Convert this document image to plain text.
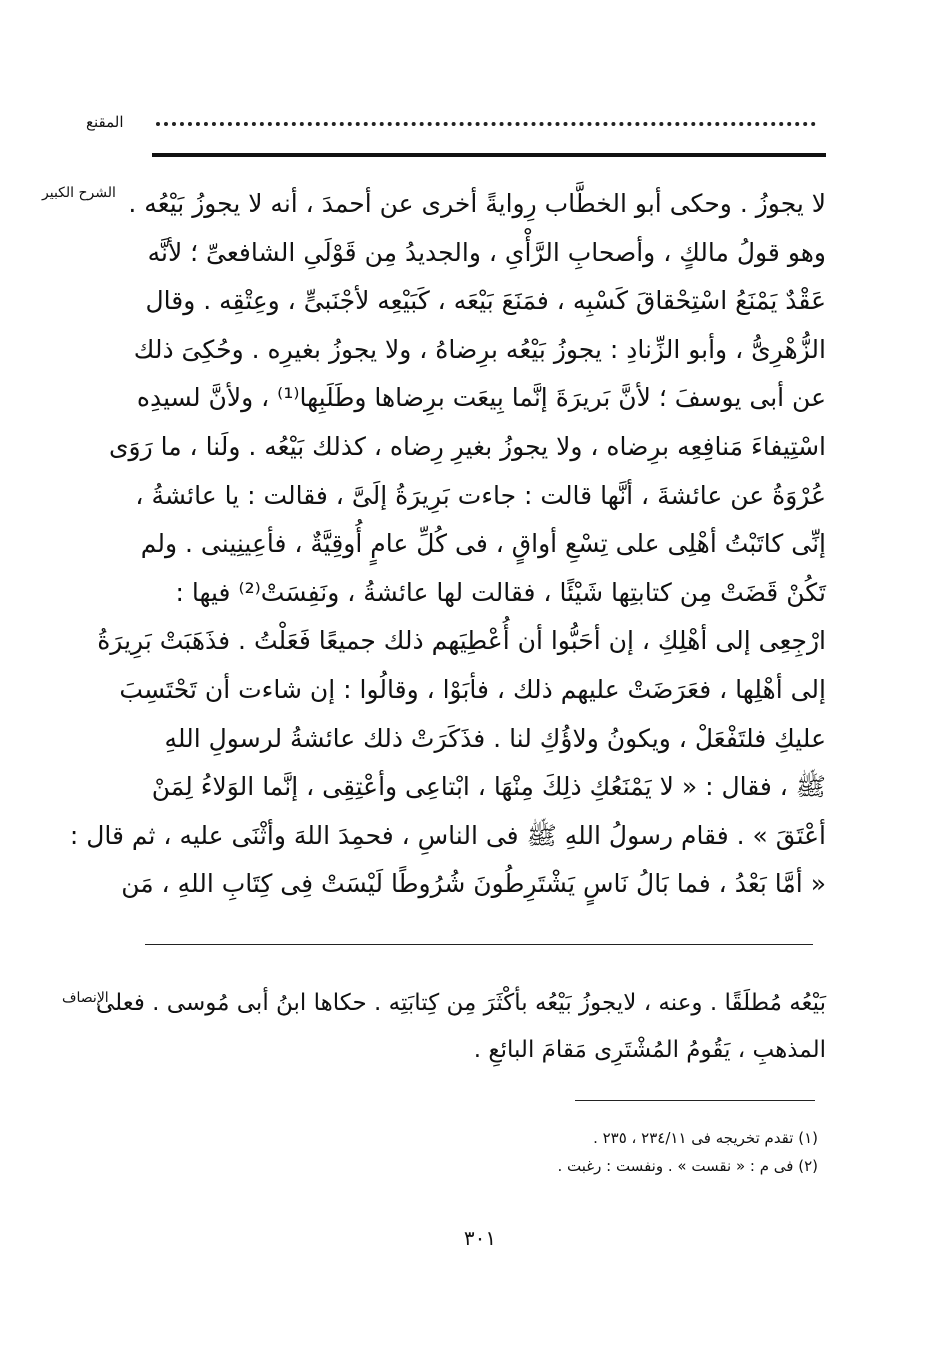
المقنع
الشرح الكبير لا يجوزُ . وحكى أبو الخطَّاب رِوايةً أخرى عن أحمدَ ، أنه لا يجوزُ بَيْعُه .
وهو قولُ مالكٍ ، وأصحابِ الرَّأْىِ ، والجديدُ مِن قَوْلَىِ الشافعىِّ ؛ لأنَّه
عَقْدٌ يَمْنَعُ اسْتِحْقاقَ كَسْبِه ، فمَنَعَ بَيْعَه ، كَبَيْعِه لأجْنَبىٍّ ، وعِتْقِه . وقال
الزُّهْرِىُّ ، وأبو الزِّنادِ : يجوزُ بَيْعُه برِضاهُ ، ولا يجوزُ بغيرِه . وحُكِىَ ذلك
عن أبى يوسفَ ؛ لأنَّ بَريرَةَ إنَّما بِيعَت برِضاها وطَلَبِها⁽¹⁾ ، ولأنَّ لسيدِه
اسْتِيفاءَ مَنافِعِه برِضاه ، ولا يجوزُ بغيرِ رِضاه ، كذلك بَيْعُه . ولَنا ، ما رَوَى
عُرْوَةُ عن عائشةَ ، أنَّها قالت : جاءت بَرِيرَةُ إلَىَّ ، فقالت : يا عائشةُ ،
إنِّى كاتَبْتُ أهْلِى على تِسْعِ أواقٍ ، فى كُلِّ عامٍ أُوقِيَّةٌ ، فأعِينِينى . ولم
تَكُنْ قَضَتْ مِن كتابتِها شَيْئًا ، فقالت لها عائشةُ ، ونَفِسَتْ⁽²⁾ فيها :
ارْجِعِى إلى أهْلِكِ ، إن أحَبُّوا أن أُعْطِيَهم ذلك جميعًا فَعَلْتُ . فذَهَبَتْ بَرِيرَةُ
إلى أهْلِها ، فعَرَضَتْ عليهم ذلك ، فأبَوْا ، وقالُوا : إن شاءت أن تَحْتَسِبَ
عليكِ فلتَفْعَلْ ، ويكونُ ولاؤُكِ لنا . فذَكَرَتْ ذلك عائشةُ لرسولِ اللهِ
ﷺ ، فقال : « لا يَمْنَعُكِ ذلِكَ مِنْهَا ، ابْتاعِى وأعْتِقِى ، إنَّما الوَلاءُ لِمَنْ
أعْتَقَ » . فقام رسولُ اللهِ ﷺ فى الناسِ ، فحمِدَ اللهَ وأثْنَى عليه ، ثم قال :
« أمَّا بَعْدُ ، فما بَالُ نَاسٍ يَشْتَرِطُونَ شُرُوطًا لَيْسَتْ فِى كِتَابِ اللهِ ، مَن
الإنصاف
بَيْعُه مُطلَقًا . وعنه ، لايجوزُ بَيْعُه بأكْثَرَ مِن كِتابَتِه . حكاها ابنُ أبى مُوسى . فعلى
المذهبِ ، يَقُومُ المُشْتَرِى مَقامَ البائعِ .
(١) تقدم تخريجه فى ٢٣٤/١١ ، ٢٣٥ .
(٢) فى م : « نقست » . ونفست : رغبت .
٣٠١
